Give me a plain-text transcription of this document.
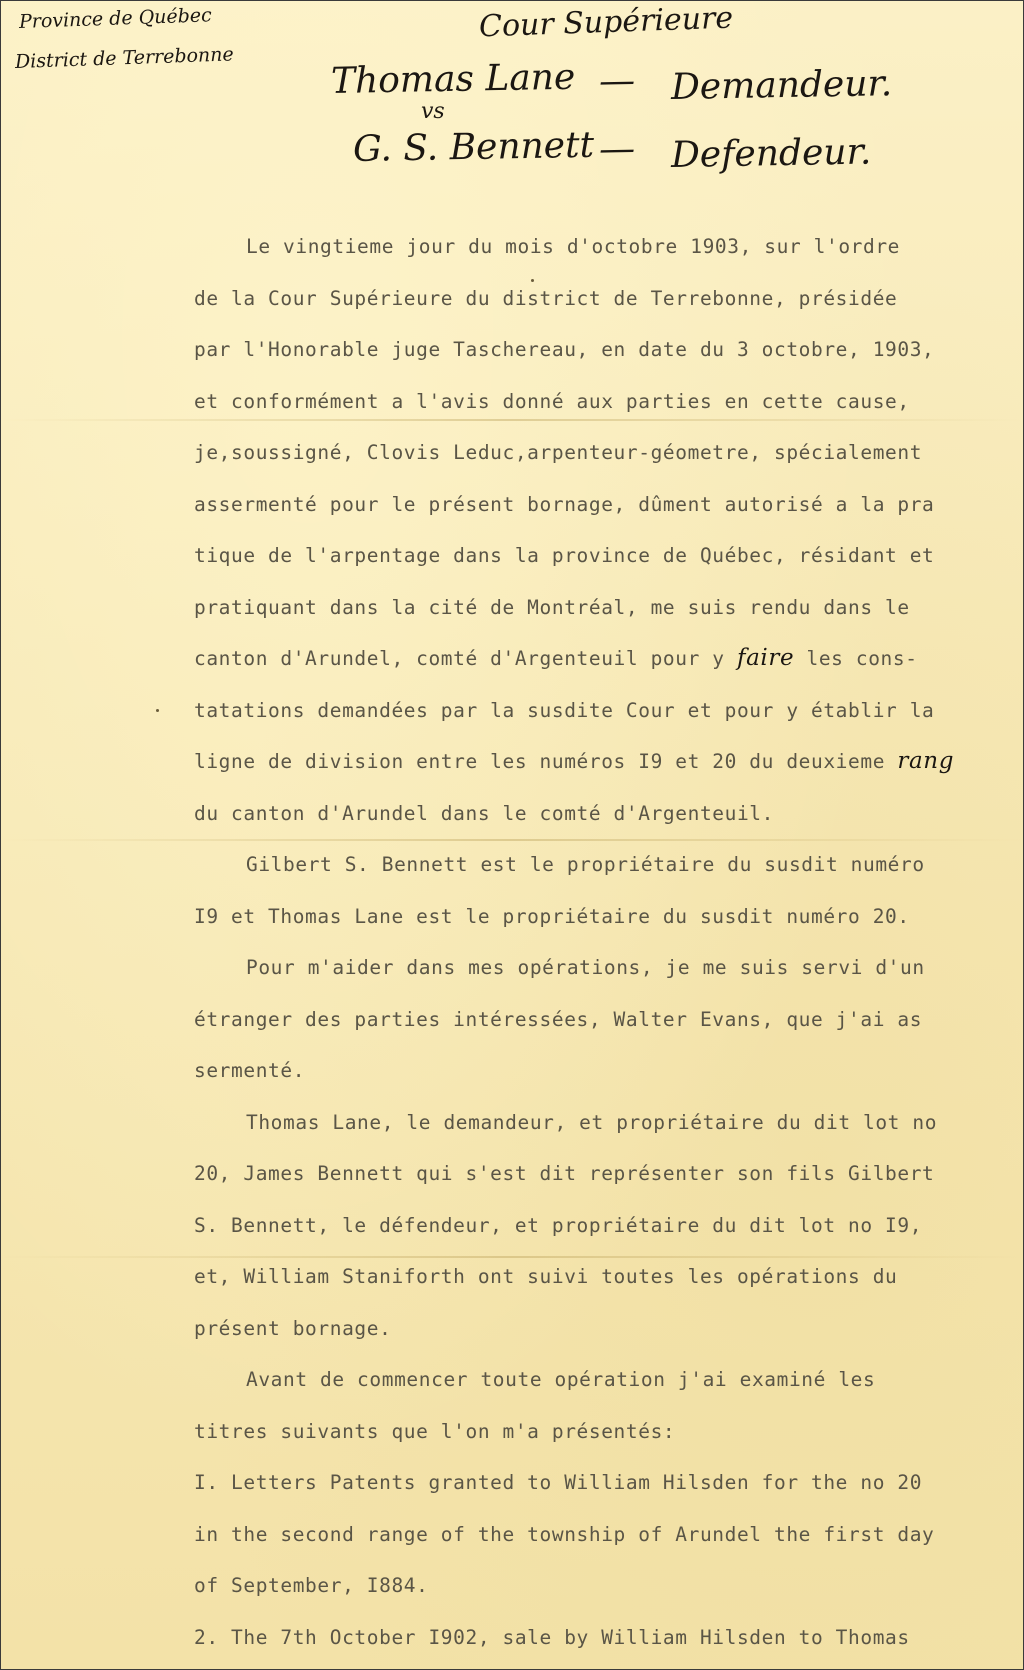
Province de Québec
District de Terrebonne
Cour Supérieure
Thomas Lane — Demandeur.
vs
G. S. Bennett — Defendeur.
Le vingtieme jour du mois d'octobre 1903, sur l'ordre
de la Cour Supérieure du district de Terrebonne, présidée
par l'Honorable juge Taschereau, en date du 3 octobre, 1903,
et conformément a l'avis donné aux parties en cette cause,
je,soussigné, Clovis Leduc,arpenteur-géometre, spécialement
assermenté pour le présent bornage, dûment autorisé a la pra
tique de l'arpentage dans la province de Québec, résidant et
pratiquant dans la cité de Montréal, me suis rendu dans le
canton d'Arundel, comté d'Argenteuil pour y faire les cons-
tatations demandées par la susdite Cour et pour y établir la
ligne de division entre les numéros I9 et 20 du deuxieme rang
du canton d'Arundel dans le comté d'Argenteuil.
Gilbert S. Bennett est le propriétaire du susdit numéro
I9 et Thomas Lane est le propriétaire du susdit numéro 20.
Pour m'aider dans mes opérations, je me suis servi d'un
étranger des parties intéressées, Walter Evans, que j'ai as
sermenté.
Thomas Lane, le demandeur, et propriétaire du dit lot no
20, James Bennett qui s'est dit représenter son fils Gilbert
S. Bennett, le défendeur, et propriétaire du dit lot no I9,
et, William Staniforth ont suivi toutes les opérations du
présent bornage.
Avant de commencer toute opération j'ai examiné les
titres suivants que l'on m'a présentés:
I. Letters Patents granted to William Hilsden for the no 20
in the second range of the township of Arundel the first day
of September, I884.
2. The 7th October I902, sale by William Hilsden to Thomas
